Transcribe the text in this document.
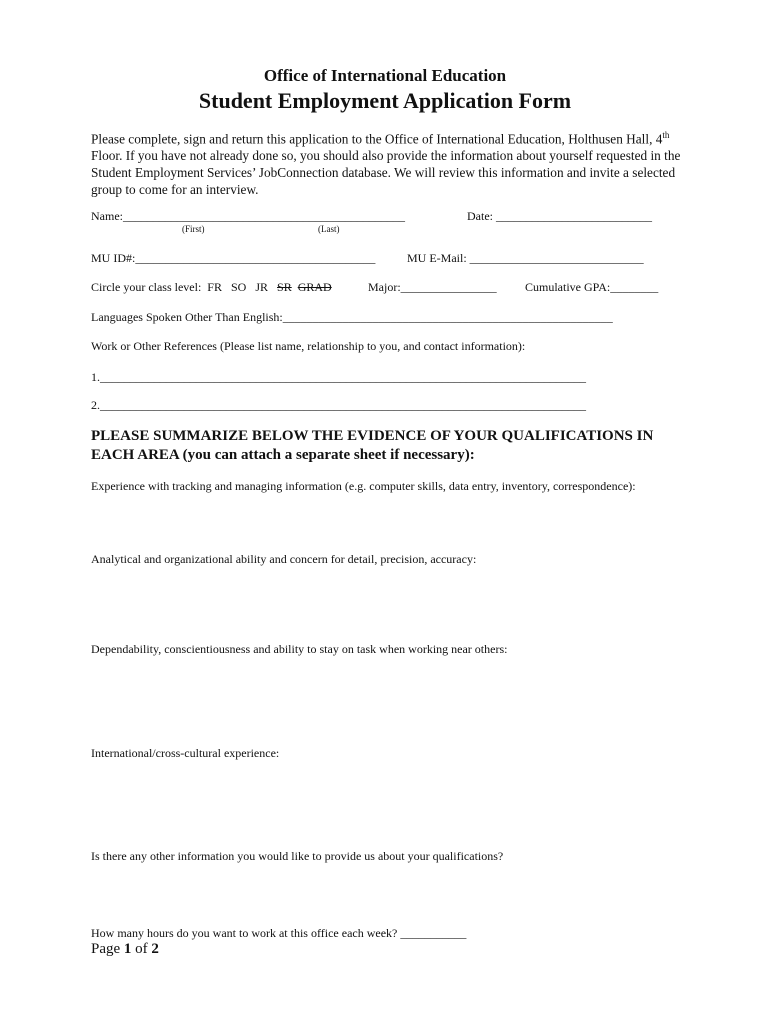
Office of International Education
Student Employment Application Form

Please complete, sign and return this application to the Office of International Education, Holthusen Hall, 4th Floor. If you have not already done so, you should also provide the information about yourself requested in the Student Employment Services’ JobConnection database. We will review this information and invite a selected group to come for an interview.

Name:_______________________________________________	Date: __________________________
(First)	(Last)
MU ID#:________________________________________	MU E-Mail: _____________________________
Circle your class level: FR SO JR SR GRAD	Major:________________ Cumulative GPA:________
Languages Spoken Other Than English:_______________________________________________________
Work or Other References (Please list name, relationship to you, and contact information):
1._________________________________________________________________________________
2._________________________________________________________________________________
PLEASE SUMMARIZE BELOW THE EVIDENCE OF YOUR QUALIFICATIONS IN EACH AREA (you can attach a separate sheet if necessary):
Experience with tracking and managing information (e.g. computer skills, data entry, inventory, correspondence):
Analytical and organizational ability and concern for detail, precision, accuracy:
Dependability, conscientiousness and ability to stay on task when working near others:
International/cross-cultural experience:
Is there any other information you would like to provide us about your qualifications?
How many hours do you want to work at this office each week? ___________
Page 1 of 2
